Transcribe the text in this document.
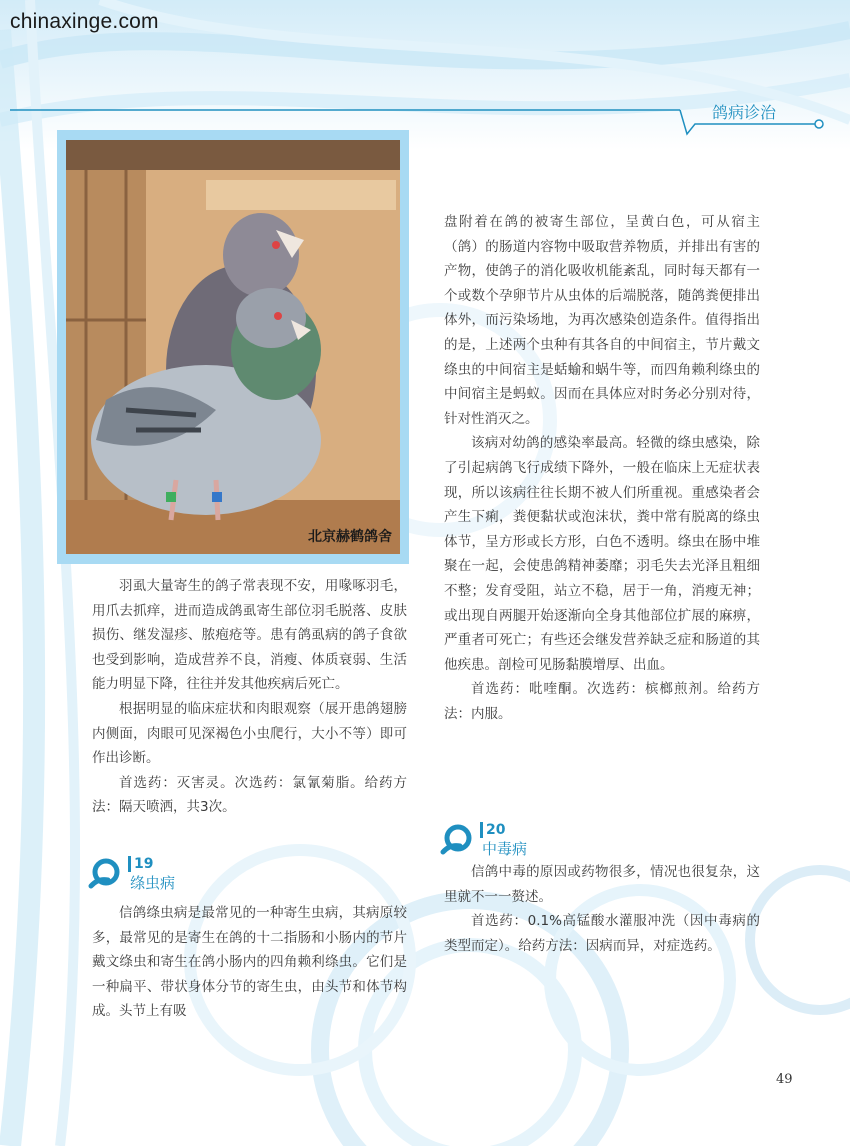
chinaxinge.com
鸽病诊治
北京赫鹤鸽舍

羽虱大量寄生的鸽子常表现不安，用喙啄羽毛，用爪去抓痒，进而造成鸽虱寄生部位羽毛脱落、皮肤损伤、继发湿疹、脓疱疮等。患有鸽虱病的鸽子食欲也受到影响，造成营养不良，消瘦、体质衰弱、生活能力明显下降，往往并发其他疾病后死亡。

根据明显的临床症状和肉眼观察（展开患鸽翅膀内侧面，肉眼可见深褐色小虫爬行，大小不等）即可作出诊断。

首选药：灭害灵。次选药：氯氰菊脂。给药方法：隔天喷洒，共3次。

19
绦虫病

信鸽绦虫病是最常见的一种寄生虫病，其病原较多，最常见的是寄生在鸽的十二指肠和小肠内的节片戴文绦虫和寄生在鸽小肠内的四角赖利绦虫。它们是一种扁平、带状身体分节的寄生虫，由头节和体节构成。头节上有吸

盘附着在鸽的被寄生部位，呈黄白色，可从宿主（鸽）的肠道内容物中吸取营养物质，并排出有害的产物，使鸽子的消化吸收机能紊乱，同时每天都有一个或数个孕卵节片从虫体的后端脱落，随鸽粪便排出体外，而污染场地，为再次感染创造条件。值得指出的是，上述两个虫种有其各自的中间宿主，节片戴文绦虫的中间宿主是蛞蝓和蜗牛等，而四角赖利绦虫的中间宿主是蚂蚁。因而在具体应对时务必分别对待，针对性消灭之。

该病对幼鸽的感染率最高。轻微的绦虫感染，除了引起病鸽飞行成绩下降外，一般在临床上无症状表现，所以该病往往长期不被人们所重视。重感染者会产生下痢，粪便黏状或泡沫状，粪中常有脱离的绦虫体节，呈方形或长方形，白色不透明。绦虫在肠中堆聚在一起，会使患鸽精神萎靡；羽毛失去光泽且粗细不整；发育受阻，站立不稳，居于一角，消瘦无神；或出现自两腿开始逐渐向全身其他部位扩展的麻痹，严重者可死亡；有些还会继发营养缺乏症和肠道的其他疾患。剖检可见肠黏膜增厚、出血。

首选药：吡喹酮。次选药：槟榔煎剂。给药方法：内服。

20
中毒病

信鸽中毒的原因或药物很多，情况也很复杂，这里就不一一赘述。

首选药：0.1%高锰酸水灌服冲洗（因中毒病的类型而定）。给药方法：因病而异，对症选药。

49
